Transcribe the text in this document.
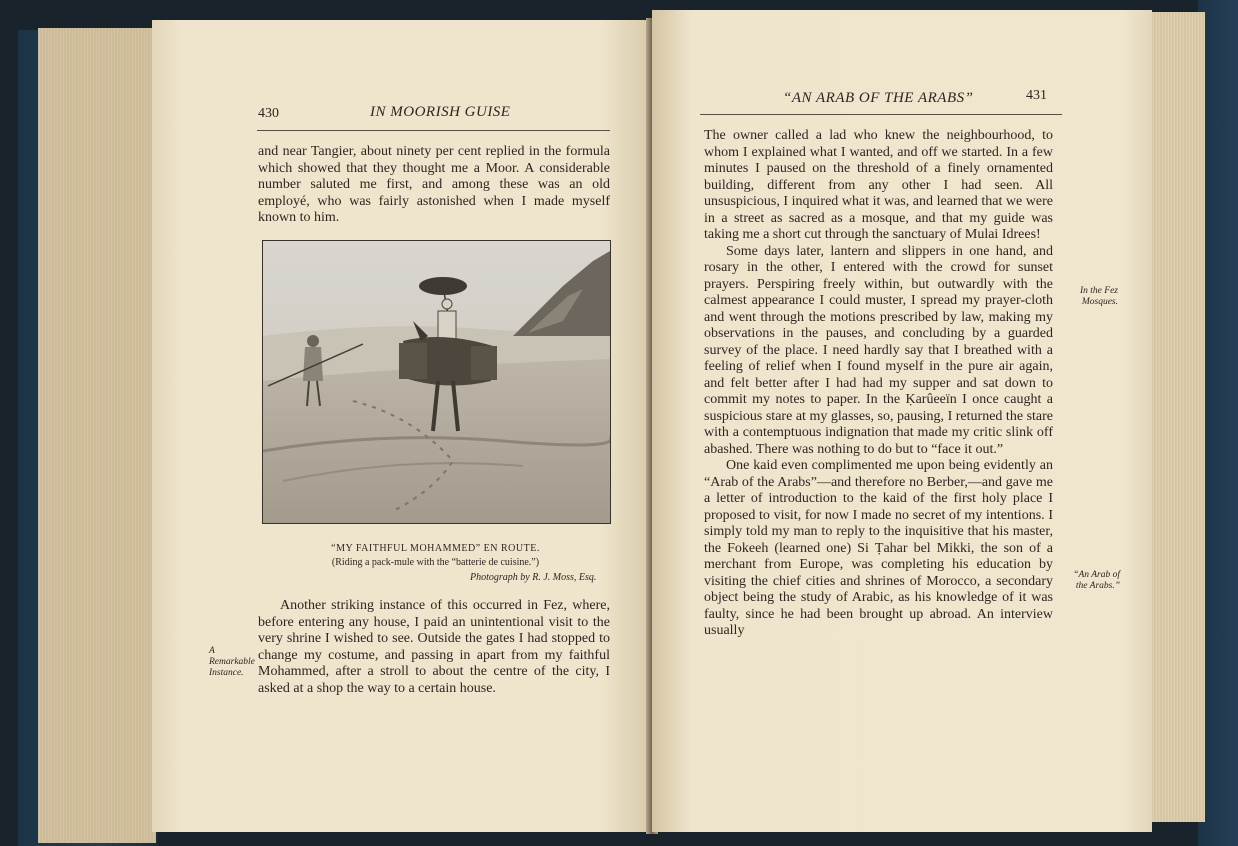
430	IN MOORISH GUISE

and near Tangier, about ninety per cent replied in the formula which showed that they thought me a Moor. A considerable number saluted me first, and among these was an old employé, who was fairly astonished when I made myself known to him.

“MY FAITHFUL MOHAMMED” EN ROUTE.
(Riding a pack-mule with the “batterie de cuisine.”)
Photograph by R. J. Moss, Esq.

Another striking instance of this occurred in Fez, where, before entering any house, I paid an unintentional visit to the very shrine I wished to see. Outside the gates I had stopped to change my costume, and passing in apart from my faithful Mohammed, after a stroll to about the centre of the city, I asked at a shop the way to a certain house.

A Remarkable Instance.
“AN ARAB OF THE ARABS”	431

The owner called a lad who knew the neighbourhood, to whom I explained what I wanted, and off we started. In a few minutes I paused on the threshold of a finely ornamented building, different from any other I had seen. All unsuspicious, I inquired what it was, and learned that we were in a street as sacred as a mosque, and that my guide was taking me a short cut through the sanctuary of Mulai Idrees!

Some days later, lantern and slippers in one hand, and rosary in the other, I entered with the crowd for sunset prayers. Perspiring freely within, but outwardly with the calmest appearance I could muster, I spread my prayer-cloth and went through the motions prescribed by law, making my observations in the pauses, and concluding by a guarded survey of the place. I need hardly say that I breathed with a feeling of relief when I found myself in the pure air again, and felt better after I had had my supper and sat down to commit my notes to paper. In the Ḳarûeeïn I once caught a suspicious stare at my glasses, so, pausing, I returned the stare with a contemptuous indignation that made my critic slink off abashed. There was nothing to do but to “face it out.”

One kaid even complimented me upon being evidently an “Arab of the Arabs”—and therefore no Berber,—and gave me a letter of introduction to the kaid of the first holy place I proposed to visit, for now I made no secret of my intentions. I simply told my man to reply to the inquisitive that his master, the Fokeeh (learned one) Si Ṭahar bel Mikki, the son of a merchant from Europe, was completing his education by visiting the chief cities and shrines of Morocco, a secondary object being the study of Arabic, as his knowledge of it was faulty, since he had been brought up abroad. An interview usually

In the Fez Mosques.
“An Arab of the Arabs.”
